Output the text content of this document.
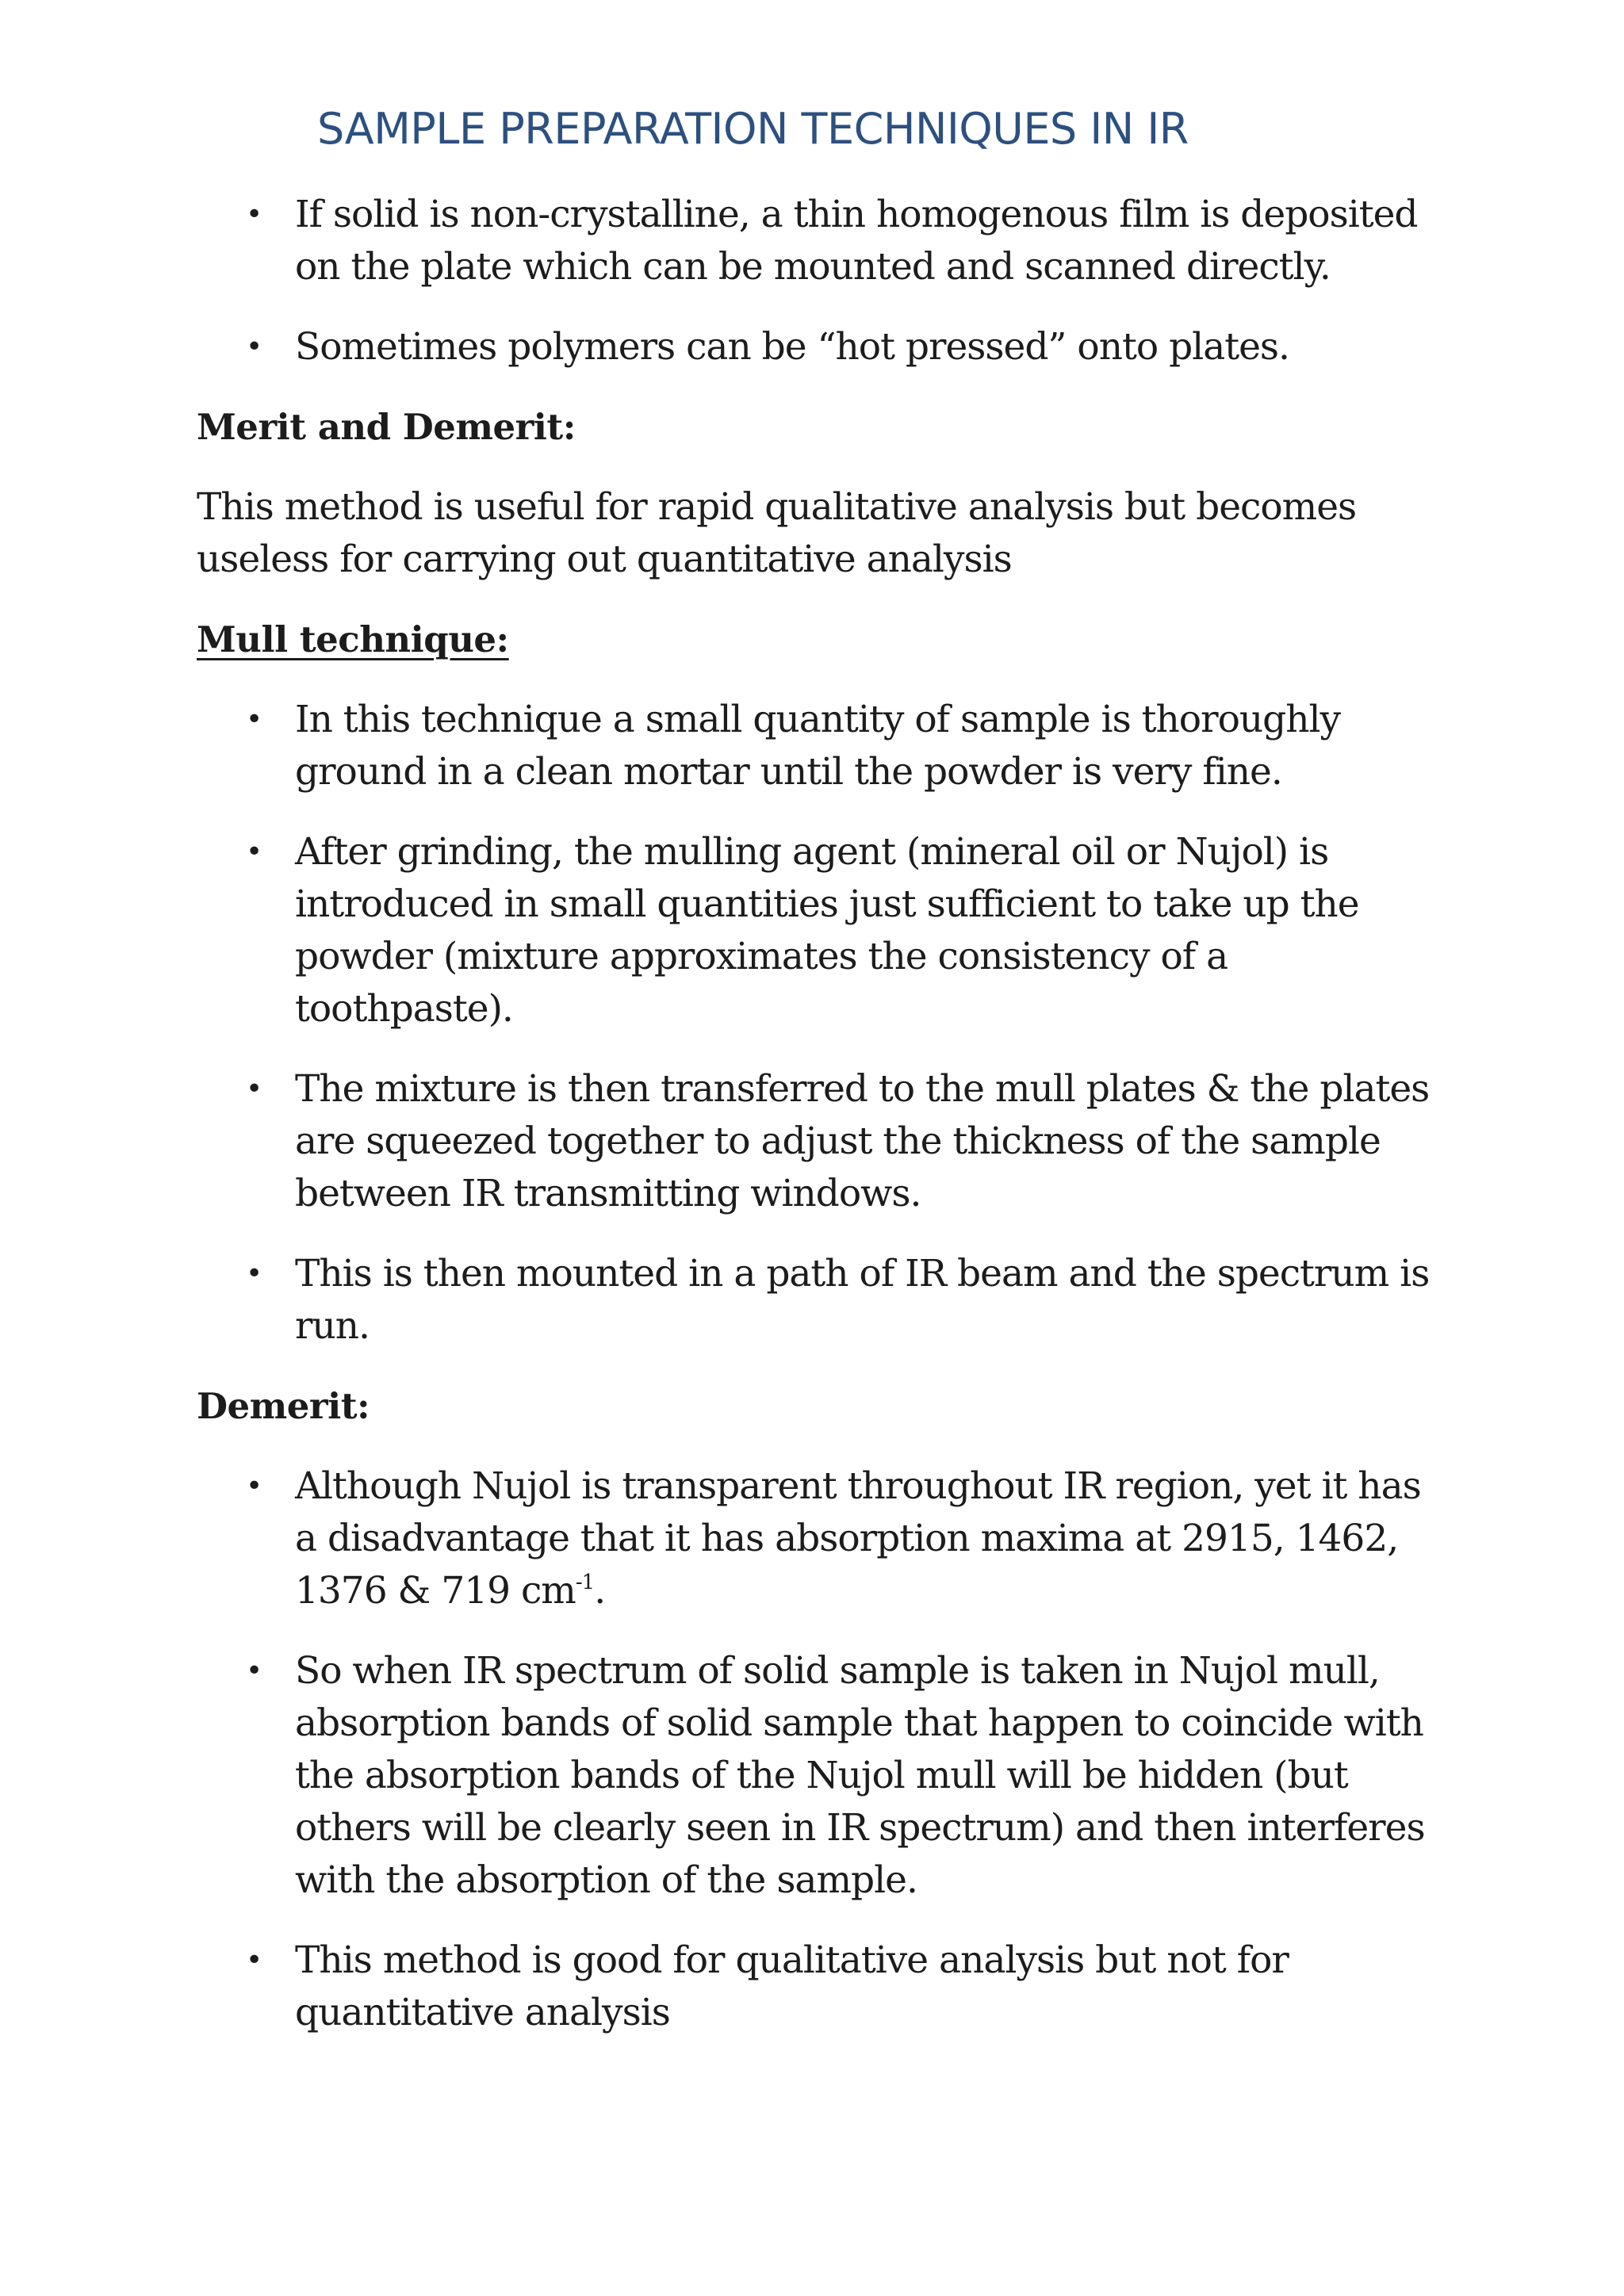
SAMPLE PREPARATION TECHNIQUES IN IR
• If solid is non-crystalline, a thin homogenous film is deposited on the plate which can be mounted and scanned directly.

• Sometimes polymers can be “hot pressed” onto plates.

Merit and Demerit:

This method is useful for rapid qualitative analysis but becomes useless for carrying out quantitative analysis

Mull technique:
• In this technique a small quantity of sample is thoroughly ground in a clean mortar until the powder is very fine.

• After grinding, the mulling agent (mineral oil or Nujol) is introduced in small quantities just sufficient to take up the powder (mixture approximates the consistency of a toothpaste).

• The mixture is then transferred to the mull plates & the plates are squeezed together to adjust the thickness of the sample between IR transmitting windows.

• This is then mounted in a path of IR beam and the spectrum is run.

Demerit:
• Although Nujol is transparent throughout IR region, yet it has a disadvantage that it has absorption maxima at 2915, 1462, 1376 & 719 $cm^{-1}$.

• So when IR spectrum of solid sample is taken in Nujol mull, absorption bands of solid sample that happen to coincide with the absorption bands of the Nujol mull will be hidden (but others will be clearly seen in IR spectrum) and then interferes with the absorption of the sample.

• This method is good for qualitative analysis but not for quantitative analysis
